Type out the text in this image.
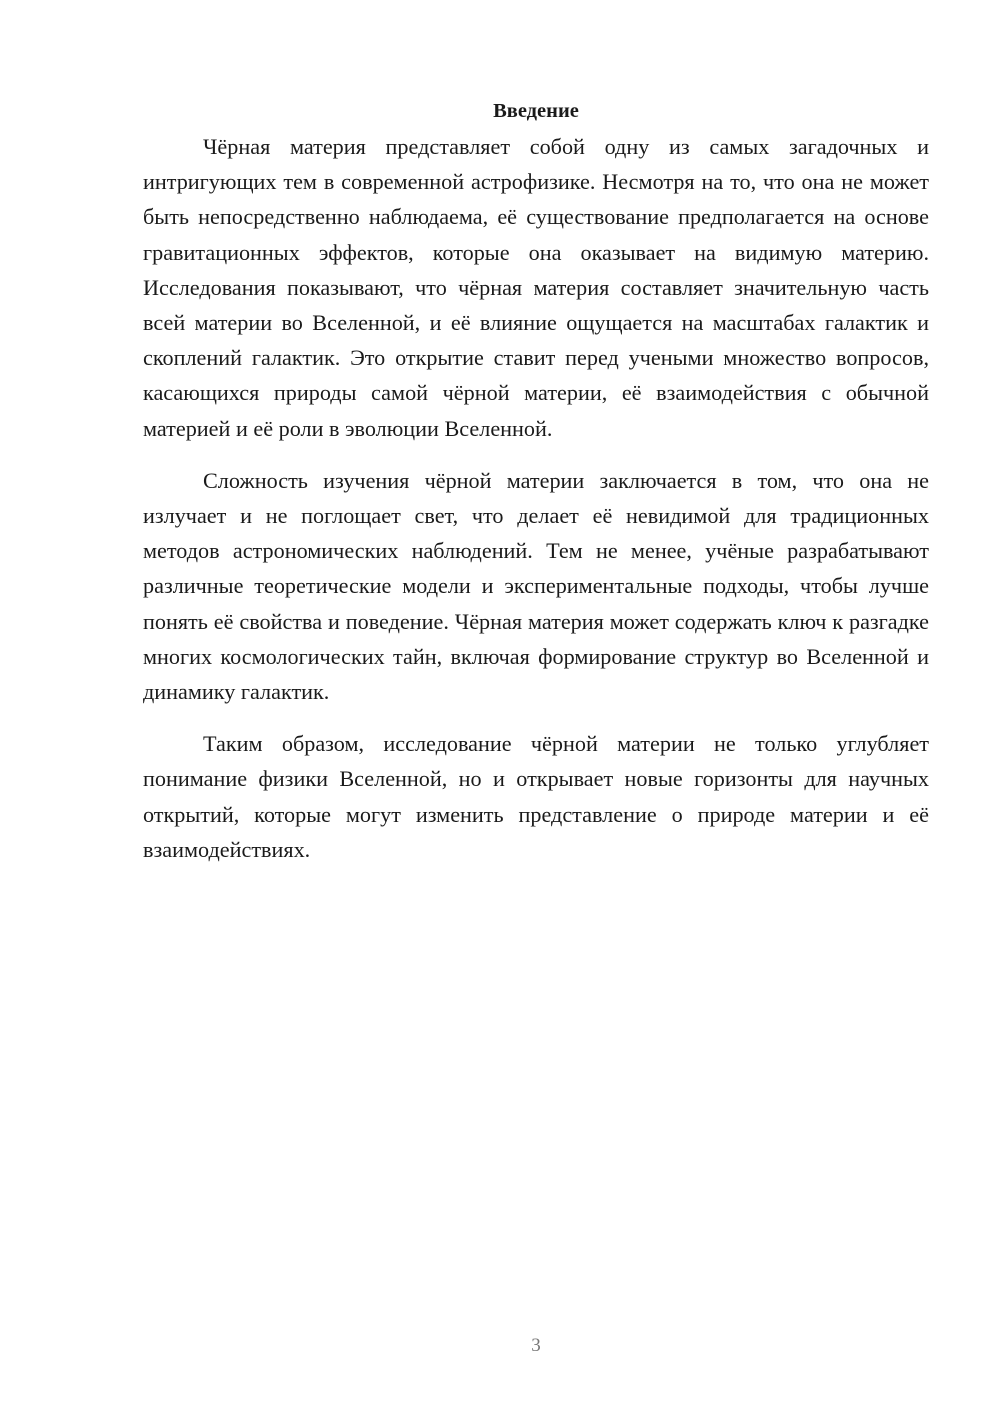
Введение

Чёрная материя представляет собой одну из самых загадочных и интригующих тем в современной астрофизике. Несмотря на то, что она не может быть непосредственно наблюдаема, её существование предполагается на основе гравитационных эффектов, которые она оказывает на видимую материю. Исследования показывают, что чёрная материя составляет значительную часть всей материи во Вселенной, и её влияние ощущается на масштабах галактик и скоплений галактик. Это открытие ставит перед учеными множество вопросов, касающихся природы самой чёрной материи, её взаимодействия с обычной материей и её роли в эволюции Вселенной.

Сложность изучения чёрной материи заключается в том, что она не излучает и не поглощает свет, что делает её невидимой для традиционных методов астрономических наблюдений. Тем не менее, учёные разрабатывают различные теоретические модели и экспериментальные подходы, чтобы лучше понять её свойства и поведение. Чёрная материя может содержать ключ к разгадке многих космологических тайн, включая формирование структур во Вселенной и динамику галактик.

Таким образом, исследование чёрной материи не только углубляет понимание физики Вселенной, но и открывает новые горизонты для научных открытий, которые могут изменить представление о природе материи и её взаимодействиях.

3
